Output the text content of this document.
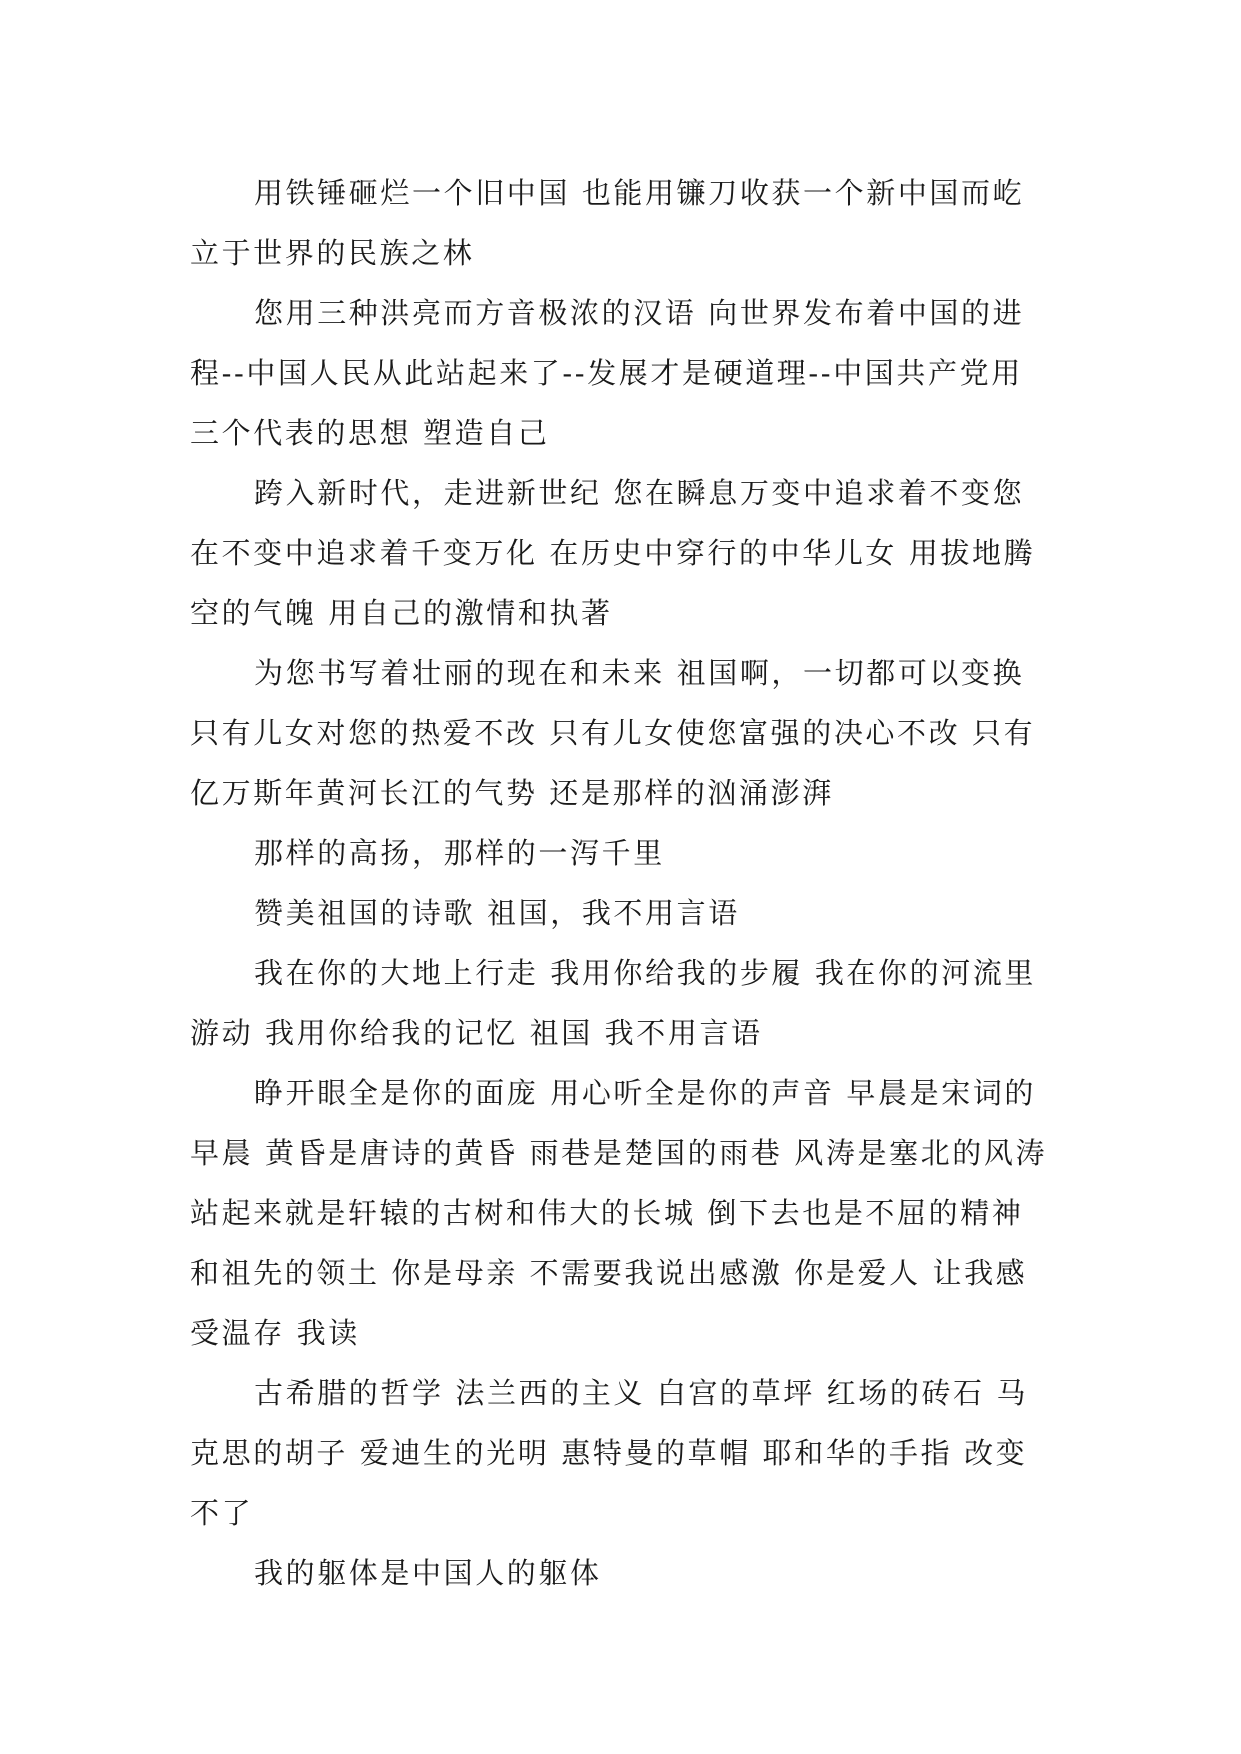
用铁锤砸烂一个旧中国 也能用镰刀收获一个新中国而屹立于世界的民族之林

您用三种洪亮而方音极浓的汉语 向世界发布着中国的进程--中国人民从此站起来了--发展才是硬道理--中国共产党用三个代表的思想 塑造自己

跨入新时代，走进新世纪 您在瞬息万变中追求着不变您在不变中追求着千变万化 在历史中穿行的中华儿女 用拔地腾空的气魄 用自己的激情和执著

为您书写着壮丽的现在和未来 祖国啊，一切都可以变换 只有儿女对您的热爱不改 只有儿女使您富强的决心不改 只有亿万斯年黄河长江的气势 还是那样的汹涌澎湃

那样的高扬，那样的一泻千里

赞美祖国的诗歌 祖国，我不用言语

我在你的大地上行走 我用你给我的步履 我在你的河流里游动 我用你给我的记忆 祖国 我不用言语

睁开眼全是你的面庞 用心听全是你的声音 早晨是宋词的早晨 黄昏是唐诗的黄昏 雨巷是楚国的雨巷 风涛是塞北的风涛 站起来就是轩辕的古树和伟大的长城 倒下去也是不屈的精神和祖先的领土 你是母亲 不需要我说出感激 你是爱人 让我感受温存 我读

古希腊的哲学 法兰西的主义 白宫的草坪 红场的砖石 马克思的胡子 爱迪生的光明 惠特曼的草帽 耶和华的手指 改变不了

我的躯体是中国人的躯体
